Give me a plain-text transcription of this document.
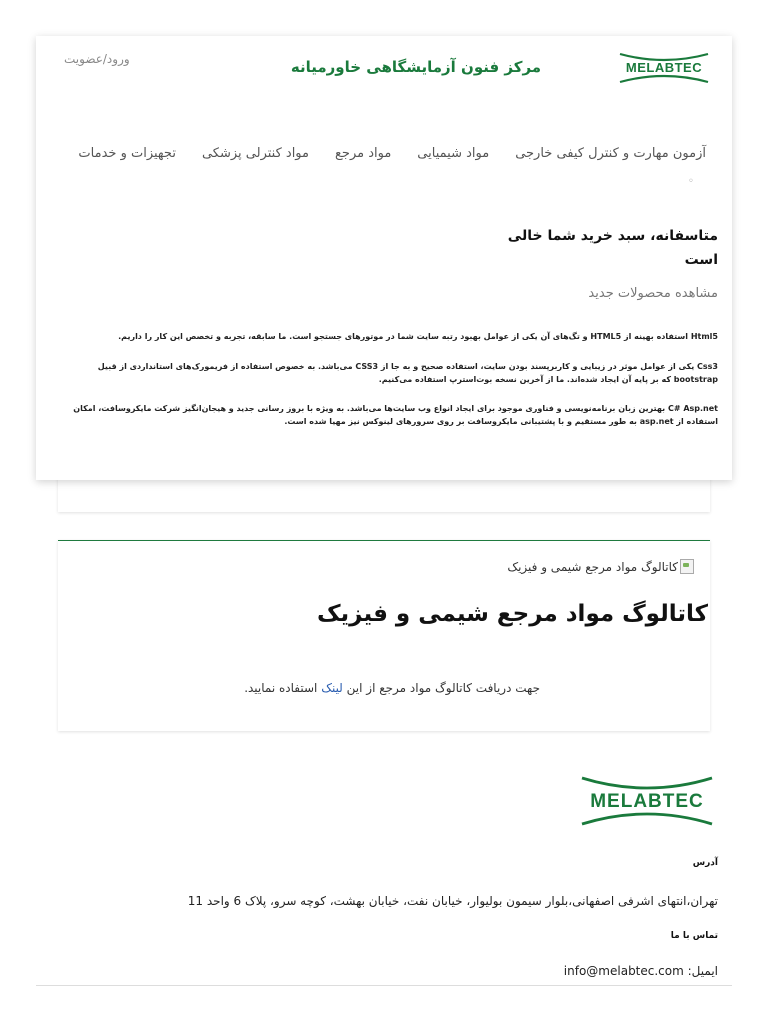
کاتالوگ مواد مرجع شیمی و فیزیک
کاتالوگ مواد مرجع شیمی و فیزیک
جهت دریافت کاتالوگ مواد مرجع از این لینک استفاده نمایید.
MELABTEC
مرکز فنون آزمایشگاهی خاورمیانه
ورود/عضویت
آزمون مهارت و کنترل کیفی خارجی
مواد شیمیایی
مواد مرجع
مواد کنترلی پزشکی
تجهیزات و خدمات
◦
متاسفانه، سبد خرید شما خالی است
مشاهده محصولات جدید
Html5 استفاده بهینه از HTML5 و تگ‌های آن یکی از عوامل بهبود رتبه سایت شما در موتورهای جستجو است. ما سابقه، تجربه و تخصص این کار را داریم.
Css3 یکی از عوامل موثر در زیبایی و کاربرپسند بودن سایت، استفاده صحیح و به جا از CSS3 می‌باشد. به خصوص استفاده از فریمورک‌های استانداردی از قبیل bootstrap که بر پایه آن ایجاد شده‌اند. ما از آخرین نسخه بوت‌استرپ استفاده می‌کنیم.
C# Asp.net بهترین زبان برنامه‌نویسی و فناوری موجود برای ایجاد انواع وب سایت‌ها می‌باشد. به ویژه با بروز رسانی جدید و هیجان‌انگیز شرکت مایکروسافت، امکان استفاده از asp.net به طور مستقیم و با پشتیبانی مایکروسافت بر روی سرورهای لینوکس نیز مهیا شده است.
MELABTEC
آدرس
تهران،انتهای اشرفی اصفهانی،بلوار سیمون بولیوار، خیابان نفت، خیابان بهشت، کوچه سرو، پلاک 6 واحد 11
تماس با ما
ایمیل: info@melabtec.com
